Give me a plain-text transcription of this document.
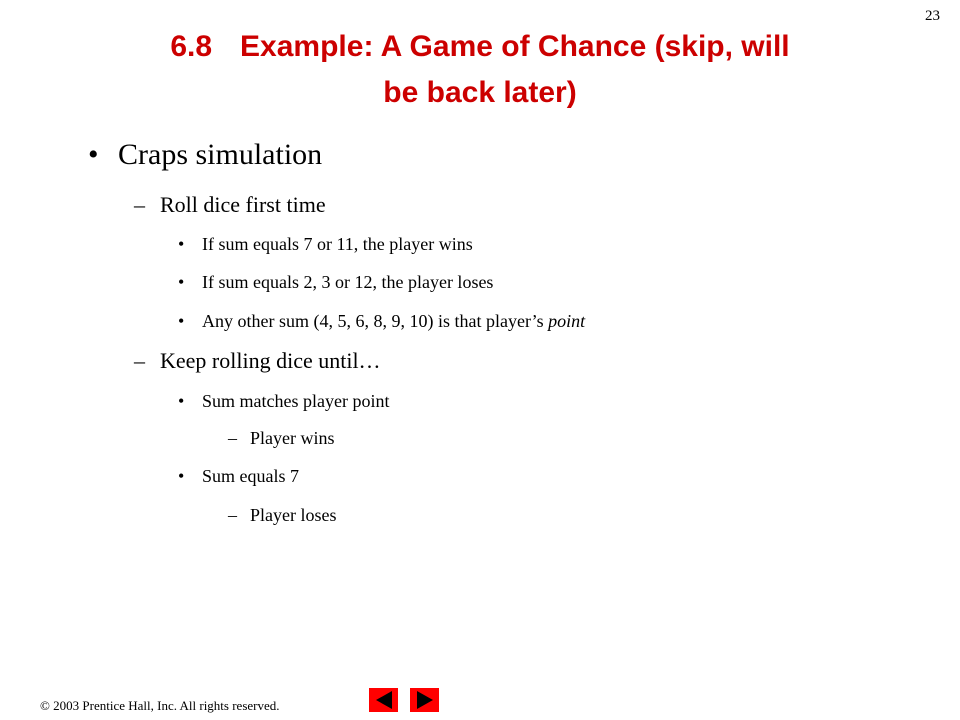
23
6.8 Example: A Game of Chance (skip, will
be back later)
• Craps simulation
– Roll dice first time
• If sum equals 7 or 11, the player wins
• If sum equals 2, 3 or 12, the player loses
• Any other sum (4, 5, 6, 8, 9, 10) is that player’s point
– Keep rolling dice until…
• Sum matches player point
– Player wins
• Sum equals 7
– Player loses
© 2003 Prentice Hall, Inc. All rights reserved.
